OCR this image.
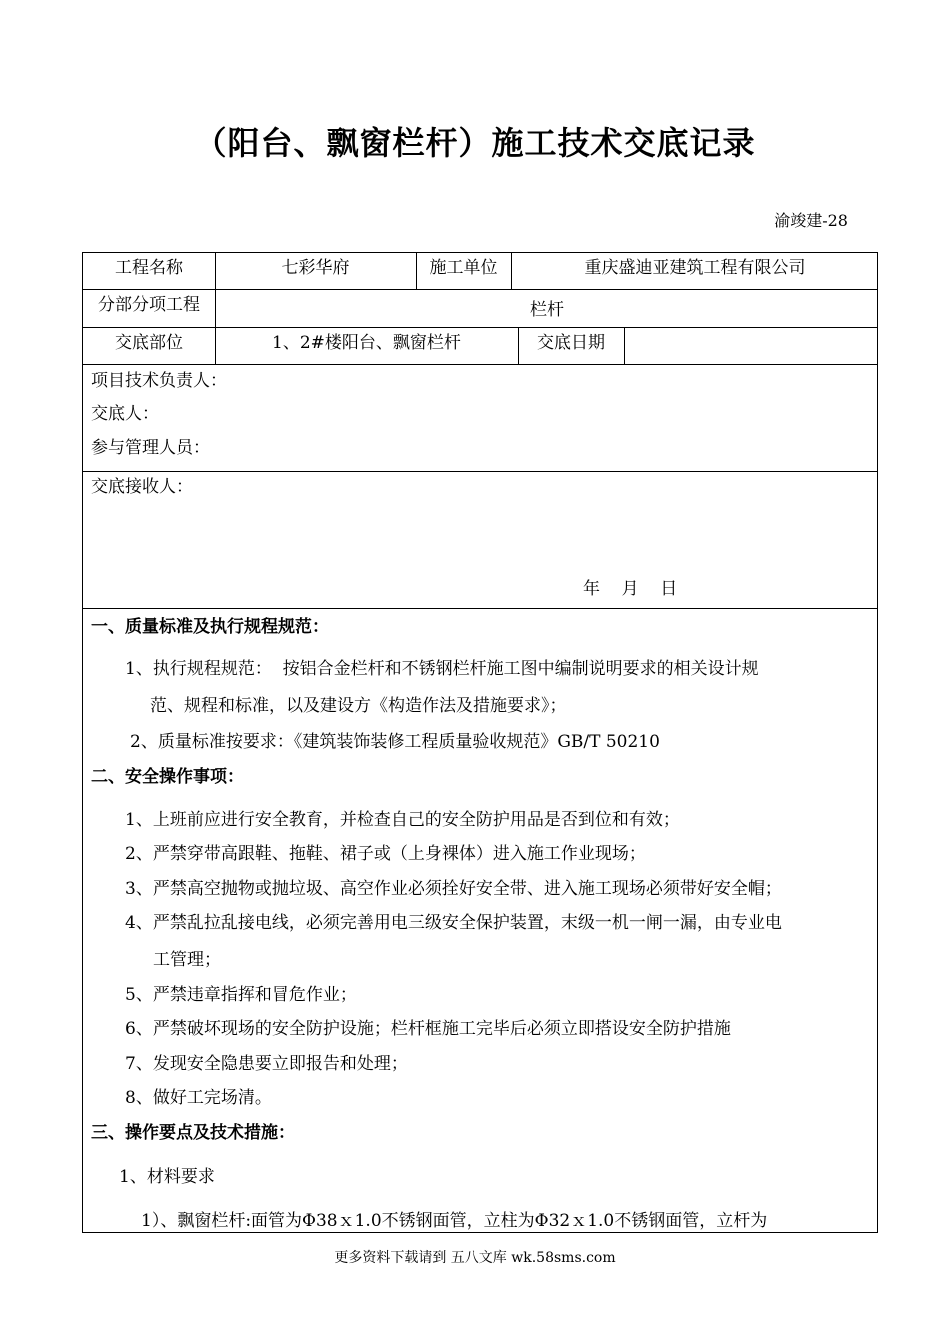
（阳台、飘窗栏杆）施工技术交底记录
渝竣建-28
工程名称	七彩华府	施工单位	重庆盛迪亚建筑工程有限公司
分部分项工程	栏杆
交底部位	1、2#楼阳台、飘窗栏杆	交底日期
项目技术负责人：
交底人：
参与管理人员：
交底接收人：
年    月    日
一、质量标准及执行规程规范：
1、执行规程规范：  按铝合金栏杆和不锈钢栏杆施工图中编制说明要求的相关设计规
范、规程和标准，以及建设方《构造作法及措施要求》；
2、质量标准按要求：《建筑装饰装修工程质量验收规范》GB/T 50210
二、安全操作事项：
1、上班前应进行安全教育，并检查自己的安全防护用品是否到位和有效；
2、严禁穿带高跟鞋、拖鞋、裙子或（上身裸体）进入施工作业现场；
3、严禁高空抛物或抛垃圾、高空作业必须拴好安全带、进入施工现场必须带好安全帽；
4、严禁乱拉乱接电线，必须完善用电三级安全保护装置，末级一机一闸一漏，由专业电
工管理；
5、严禁违章指挥和冒危作业；
6、严禁破坏现场的安全防护设施；栏杆框施工完毕后必须立即搭设安全防护措施
7、发现安全隐患要立即报告和处理；
8、做好工完场清。
三、操作要点及技术措施：
1、材料要求
1）、飘窗栏杆:面管为Φ38ｘ1.0不锈钢面管，立柱为Φ32ｘ1.0不锈钢面管，立杆为
更多资料下载请到 五八文库 wk.58sms.com
